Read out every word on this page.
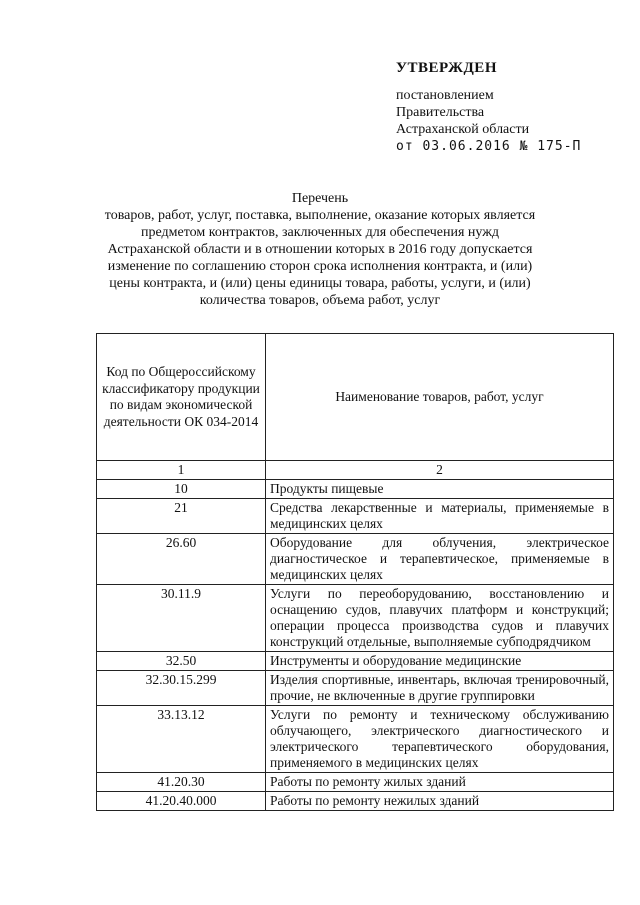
УТВЕРЖДЕН
постановлением
Правительства
Астраханской области
от 03.06.2016 № 175-П
Перечень
товаров, работ, услуг, поставка, выполнение, оказание которых является предметом контрактов, заключенных для обеспечения нужд Астраханской области и в отношении которых в 2016 году допускается изменение по соглашению сторон срока исполнения контракта, и (или) цены контракта, и (или) цены единицы товара, работы, услуги, и (или) количества товаров, объема работ, услуг
Код по Общероссийскому классификатору продукции по видам экономической деятельности ОК 034-2014	Наименование товаров, работ, услуг
1	2
10	Продукты пищевые
21	Средства лекарственные и материалы, применяемые в медицинских целях
26.60	Оборудование для облучения, электрическое диагностическое и терапевтическое, применяемые в медицинских целях
30.11.9	Услуги по переоборудованию, восстановлению и оснащению судов, плавучих платформ и конструкций; операции процесса производства судов и плавучих конструкций отдельные, выполняемые субподрядчиком
32.50	Инструменты и оборудование медицинские
32.30.15.299	Изделия спортивные, инвентарь, включая тренировочный, прочие, не включенные в другие группировки
33.13.12	Услуги по ремонту и техническому обслуживанию облучающего, электрического диагностического и электрического терапевтического оборудования, применяемого в медицинских целях
41.20.30	Работы по ремонту жилых зданий
41.20.40.000	Работы по ремонту нежилых зданий
